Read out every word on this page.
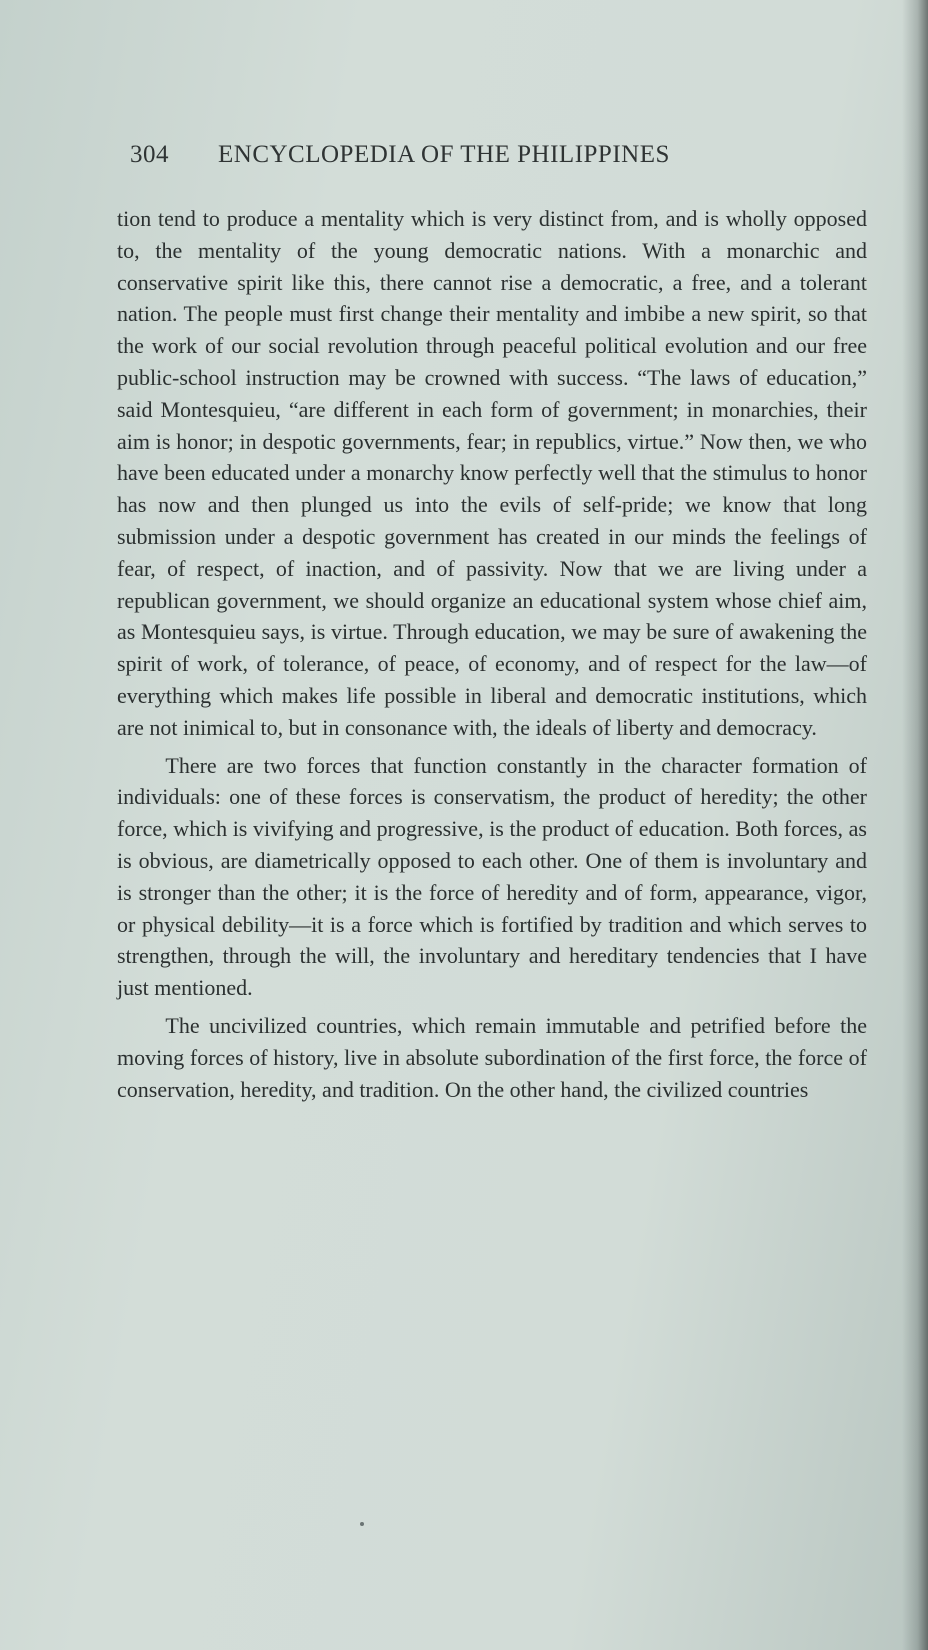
304 ENCYCLOPEDIA OF THE PHILIPPINES

tion tend to produce a mentality which is very distinct from, and is wholly opposed to, the mentality of the young democratic nations. With a monarchic and conservative spirit like this, there cannot rise a democratic, a free, and a tolerant nation. The people must first change their mentality and imbibe a new spirit, so that the work of our social revolution through peaceful political evolution and our free public-school instruction may be crowned with success. “The laws of education,” said Montesquieu, “are different in each form of government; in monarchies, their aim is honor; in despotic governments, fear; in republics, virtue.” Now then, we who have been educated under a monarchy know perfectly well that the stimulus to honor has now and then plunged us into the evils of self-pride; we know that long submission under a despotic government has created in our minds the feelings of fear, of respect, of inaction, and of passivity. Now that we are living under a republican government, we should organize an educational system whose chief aim, as Montesquieu says, is virtue. Through education, we may be sure of awakening the spirit of work, of tolerance, of peace, of economy, and of respect for the law—of everything which makes life possible in liberal and democratic institutions, which are not inimical to, but in consonance with, the ideals of liberty and democracy.

There are two forces that function constantly in the character formation of individuals: one of these forces is conservatism, the product of heredity; the other force, which is vivifying and progressive, is the product of education. Both forces, as is obvious, are diametrically opposed to each other. One of them is involuntary and is stronger than the other; it is the force of heredity and of form, appearance, vigor, or physical debility—it is a force which is fortified by tradition and which serves to strengthen, through the will, the involuntary and hereditary tendencies that I have just mentioned.

The uncivilized countries, which remain immutable and petrified before the moving forces of history, live in absolute subordination of the first force, the force of conservation, heredity, and tradition. On the other hand, the civilized countries
